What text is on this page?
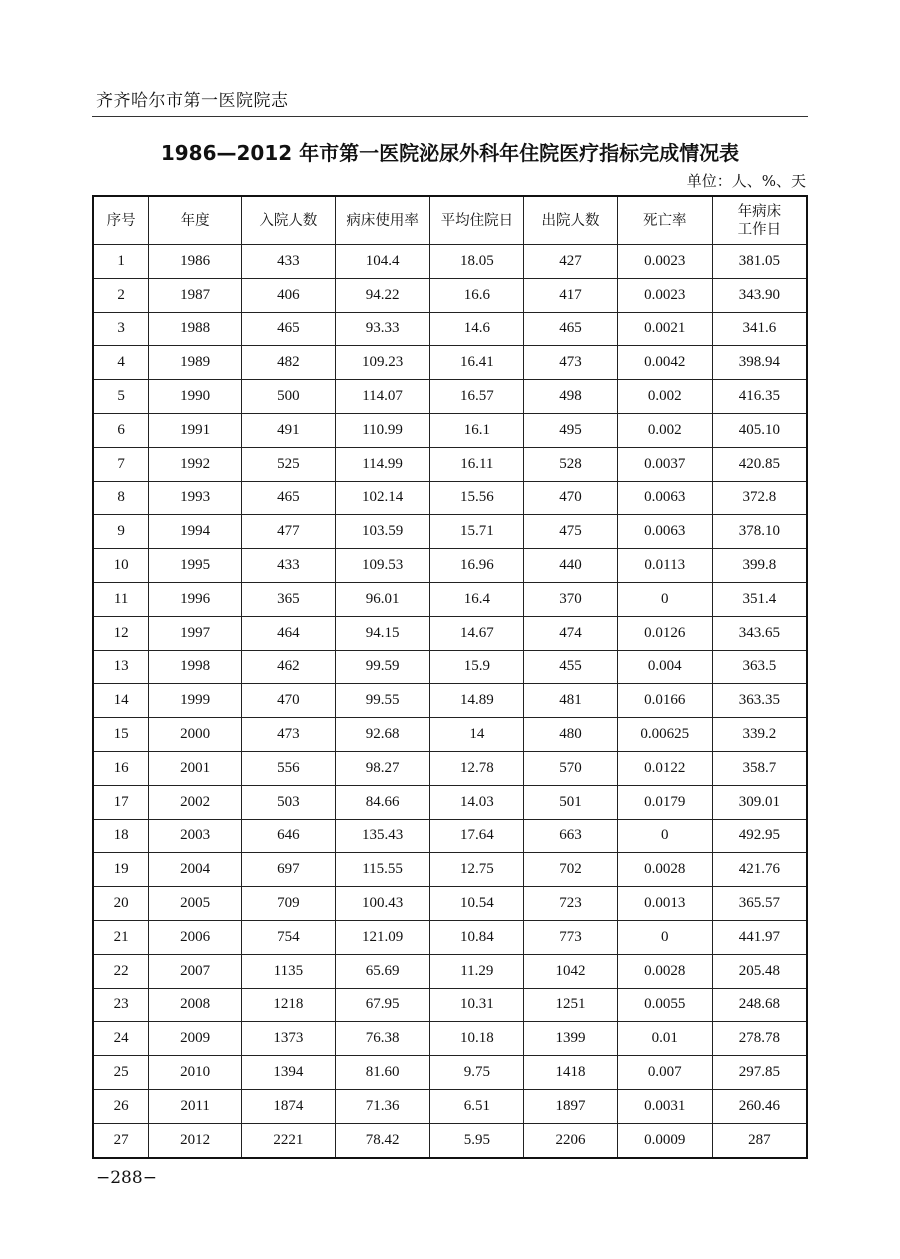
齐齐哈尔市第一医院院志
1986—2012 年市第一医院泌尿外科年住院医疗指标完成情况表
单位：人、%、天
序号	年度	入院人数	病床使用率	平均住院日	出院人数	死亡率	年病床
工作日
1	1986	433	104.4	18.05	427	0.0023	381.05
2	1987	406	94.22	16.6	417	0.0023	343.90
3	1988	465	93.33	14.6	465	0.0021	341.6
4	1989	482	109.23	16.41	473	0.0042	398.94
5	1990	500	114.07	16.57	498	0.002	416.35
6	1991	491	110.99	16.1	495	0.002	405.10
7	1992	525	114.99	16.11	528	0.0037	420.85
8	1993	465	102.14	15.56	470	0.0063	372.8
9	1994	477	103.59	15.71	475	0.0063	378.10
10	1995	433	109.53	16.96	440	0.0113	399.8
11	1996	365	96.01	16.4	370	0	351.4
12	1997	464	94.15	14.67	474	0.0126	343.65
13	1998	462	99.59	15.9	455	0.004	363.5
14	1999	470	99.55	14.89	481	0.0166	363.35
15	2000	473	92.68	14	480	0.00625	339.2
16	2001	556	98.27	12.78	570	0.0122	358.7
17	2002	503	84.66	14.03	501	0.0179	309.01
18	2003	646	135.43	17.64	663	0	492.95
19	2004	697	115.55	12.75	702	0.0028	421.76
20	2005	709	100.43	10.54	723	0.0013	365.57
21	2006	754	121.09	10.84	773	0	441.97
22	2007	1135	65.69	11.29	1042	0.0028	205.48
23	2008	1218	67.95	10.31	1251	0.0055	248.68
24	2009	1373	76.38	10.18	1399	0.01	278.78
25	2010	1394	81.60	9.75	1418	0.007	297.85
26	2011	1874	71.36	6.51	1897	0.0031	260.46
27	2012	2221	78.42	5.95	2206	0.0009	287
−288−
